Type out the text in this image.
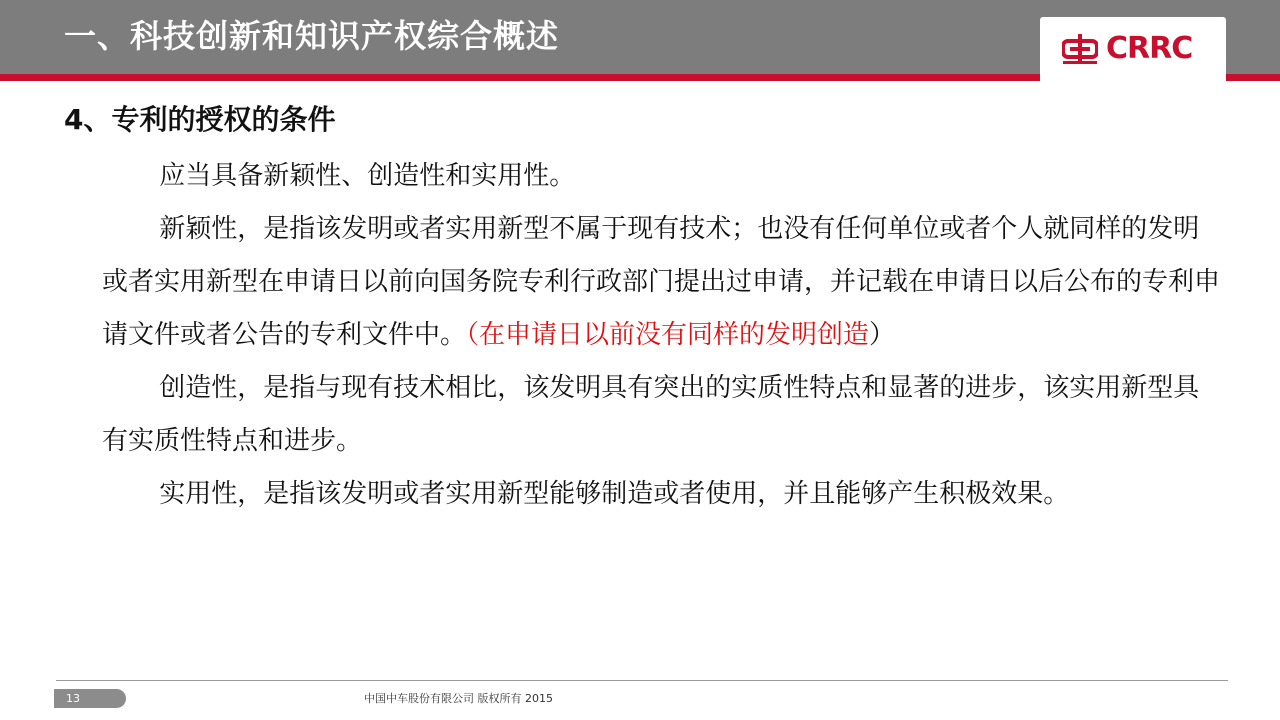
一、科技创新和知识产权综合概述	CRRC
4、专利的授权的条件

应当具备新颖性、创造性和实用性。

新颖性，是指该发明或者实用新型不属于现有技术；也没有任何单位或者个人就同样的发明或者实用新型在申请日以前向国务院专利行政部门提出过申请，并记载在申请日以后公布的专利申请文件或者公告的专利文件中。（在申请日以前没有同样的发明创造）

创造性，是指与现有技术相比，该发明具有突出的实质性特点和显著的进步，该实用新型具有实质性特点和进步。

实用性，是指该发明或者实用新型能够制造或者使用，并且能够产生积极效果。

13	中国中车股份有限公司 版权所有 2015
